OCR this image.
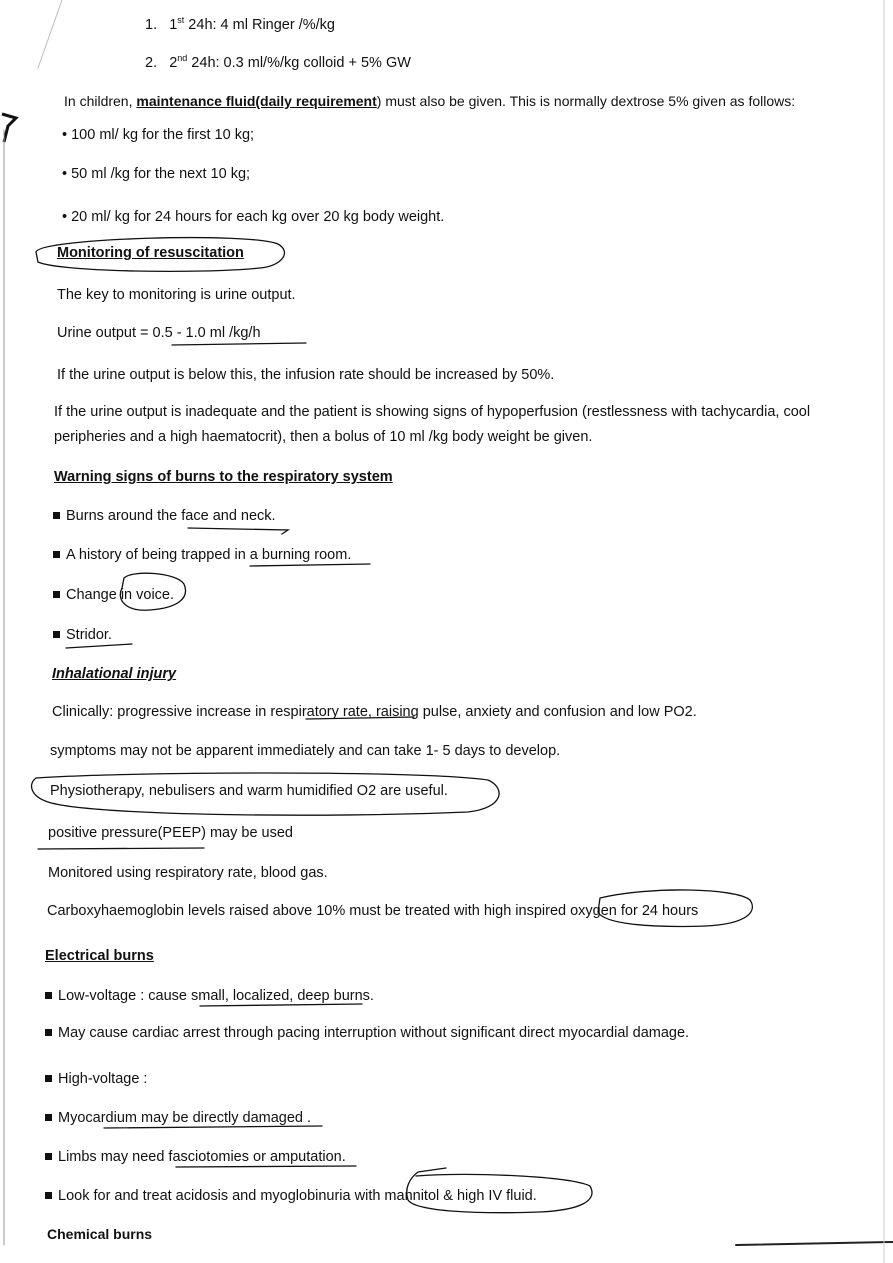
1. 1st 24h: 4 ml Ringer /%/kg
2. 2nd 24h: 0.3 ml/%/kg colloid + 5% GW
In children, maintenance fluid(daily requirement) must also be given. This is normally dextrose 5% given as follows:
• 100 ml/ kg for the first 10 kg;
• 50 ml /kg for the next 10 kg;
• 20 ml/ kg for 24 hours for each kg over 20 kg body weight.
Monitoring of resuscitation
The key to monitoring is urine output.
Urine output = 0.5 - 1.0 ml /kg/h
If the urine output is below this, the infusion rate should be increased by 50%.
If the urine output is inadequate and the patient is showing signs of hypoperfusion (restlessness with tachycardia, cool
peripheries and a high haematocrit), then a bolus of 10 ml /kg body weight be given.
Warning signs of burns to the respiratory system
Burns around the face and neck.
A history of being trapped in a burning room.
Change in voice.
Stridor.
Inhalational injury
Clinically: progressive increase in respiratory rate, raising pulse, anxiety and confusion and low PO2.
symptoms may not be apparent immediately and can take 1- 5 days to develop.
Physiotherapy, nebulisers and warm humidified O2 are useful.
positive pressure(PEEP) may be used
Monitored using respiratory rate, blood gas.
Carboxyhaemoglobin levels raised above 10% must be treated with high inspired oxygen for 24 hours
Electrical burns
Low-voltage : cause small, localized, deep burns.
May cause cardiac arrest through pacing interruption without significant direct myocardial damage.
High-voltage :
Myocardium may be directly damaged .
Limbs may need fasciotomies or amputation.
Look for and treat acidosis and myoglobinuria with mannitol & high IV fluid.
Chemical burns
